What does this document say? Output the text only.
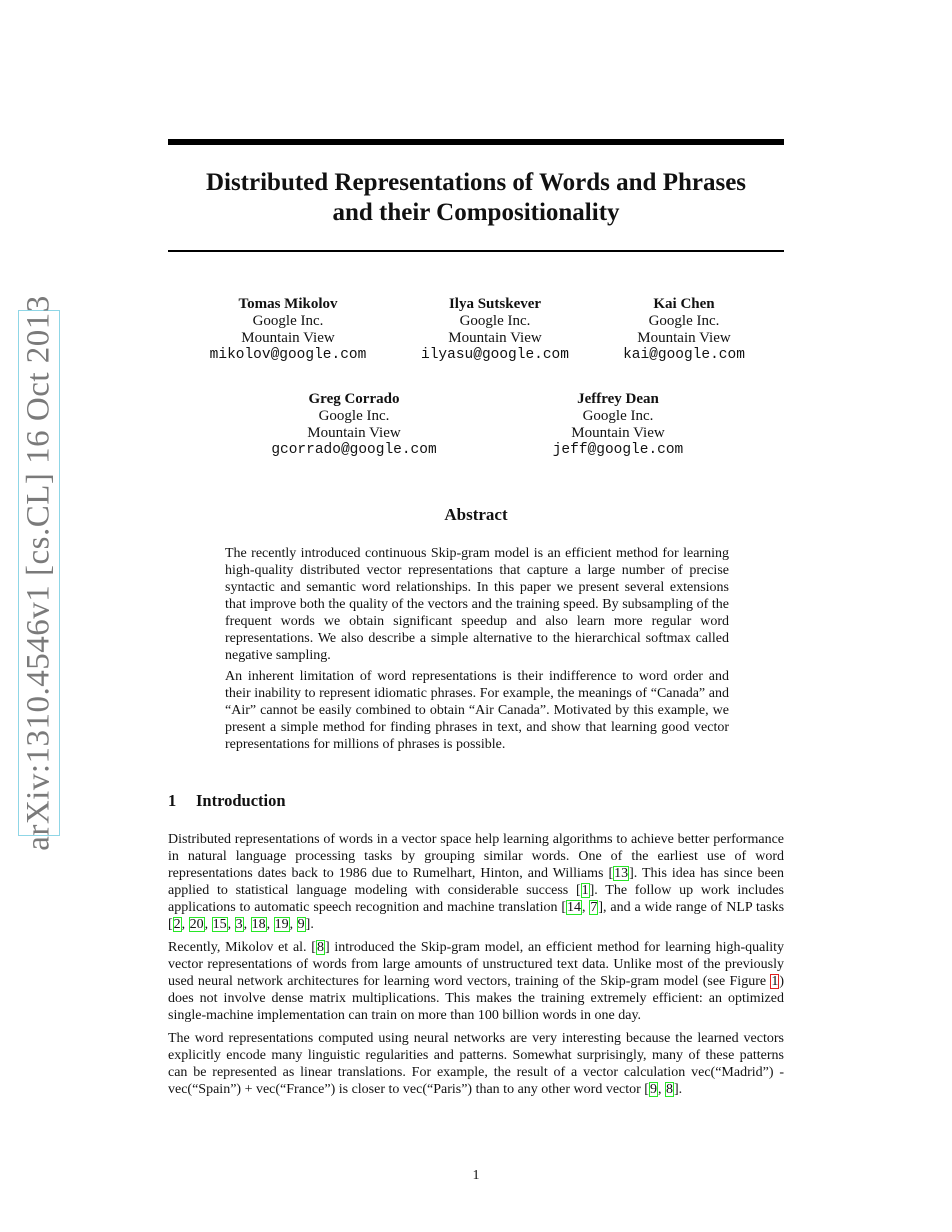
arXiv:1310.4546v1 [cs.CL] 16 Oct 2013
Distributed Representations of Words and Phrases
and their Compositionality
Tomas Mikolov
Google Inc.
Mountain View
mikolov@google.com
Ilya Sutskever
Google Inc.
Mountain View
ilyasu@google.com
Kai Chen
Google Inc.
Mountain View
kai@google.com
Greg Corrado
Google Inc.
Mountain View
gcorrado@google.com
Jeffrey Dean
Google Inc.
Mountain View
jeff@google.com
Abstract

The recently introduced continuous Skip-gram model is an efficient method for learning high-quality distributed vector representations that capture a large number of precise syntactic and semantic word relationships. In this paper we present several extensions that improve both the quality of the vectors and the training speed. By subsampling of the frequent words we obtain significant speedup and also learn more regular word representations. We also describe a simple alternative to the hierarchical softmax called negative sampling.

An inherent limitation of word representations is their indifference to word order and their inability to represent idiomatic phrases. For example, the meanings of “Canada” and “Air” cannot be easily combined to obtain “Air Canada”. Motivated by this example, we present a simple method for finding phrases in text, and show that learning good vector representations for millions of phrases is possible.

1 Introduction

Distributed representations of words in a vector space help learning algorithms to achieve better performance in natural language processing tasks by grouping similar words. One of the earliest use of word representations dates back to 1986 due to Rumelhart, Hinton, and Williams [13]. This idea has since been applied to statistical language modeling with considerable success [1]. The follow up work includes applications to automatic speech recognition and machine translation [14, 7], and a wide range of NLP tasks [2, 20, 15, 3, 18, 19, 9].

Recently, Mikolov et al. [8] introduced the Skip-gram model, an efficient method for learning high-quality vector representations of words from large amounts of unstructured text data. Unlike most of the previously used neural network architectures for learning word vectors, training of the Skip-gram model (see Figure 1) does not involve dense matrix multiplications. This makes the training extremely efficient: an optimized single-machine implementation can train on more than 100 billion words in one day.

The word representations computed using neural networks are very interesting because the learned vectors explicitly encode many linguistic regularities and patterns. Somewhat surprisingly, many of these patterns can be represented as linear translations. For example, the result of a vector calculation vec(“Madrid”) - vec(“Spain”) + vec(“France”) is closer to vec(“Paris”) than to any other word vector [9, 8].

1
